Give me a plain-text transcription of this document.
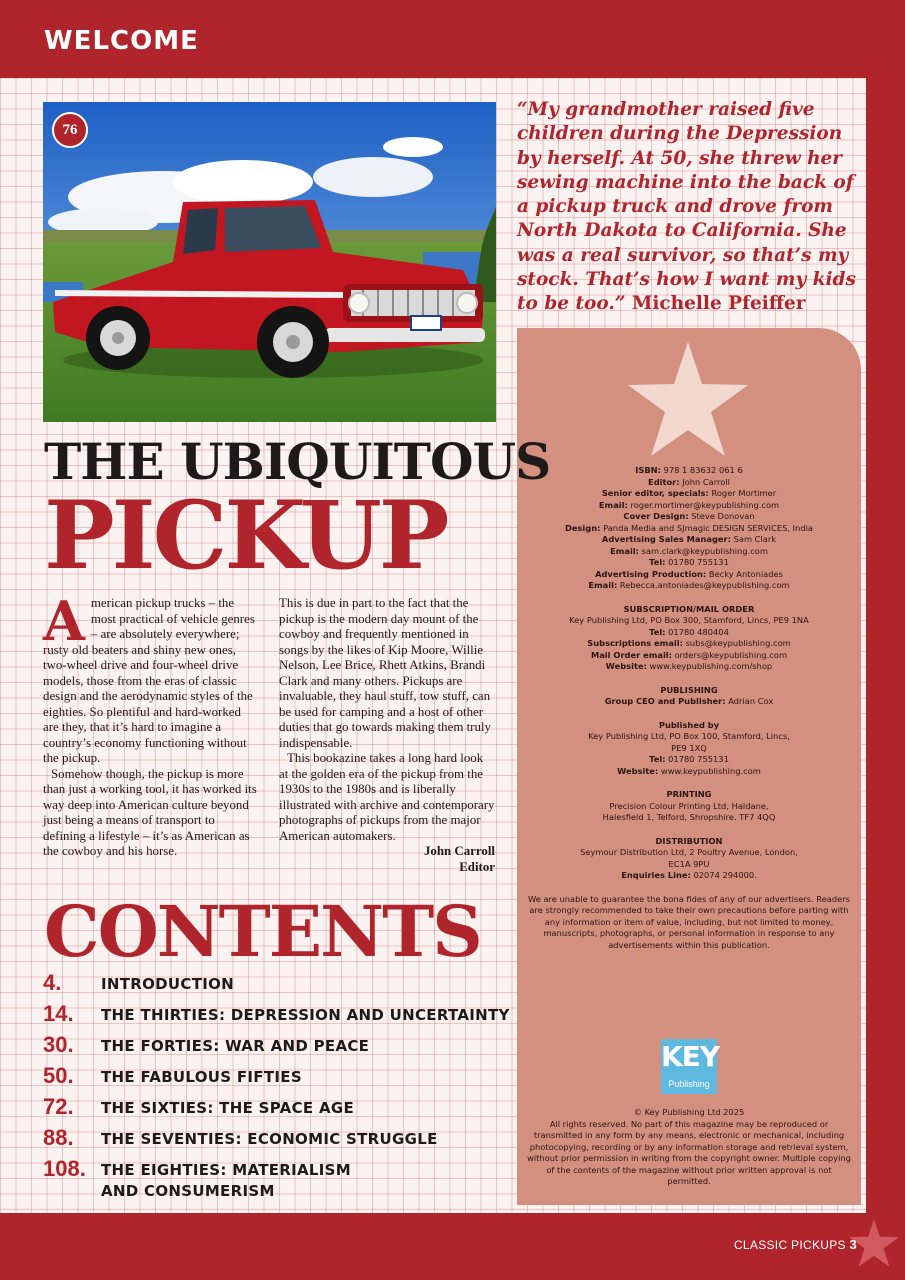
WELCOME
76
“My grandmother raised five children during the Depression by herself. At 50, she threw her sewing machine into the back of a pickup truck and drove from North Dakota to California. She was a real survivor, so that’s my stock. That’s how I want my kids to be too.” Michelle Pfeiffer

ISBN: 978 1 83632 061 6

Editor: John Carroll

Senior editor, specials: Roger Mortimer

Email: roger.mortimer@keypublishing.com

Cover Design: Steve Donovan

Design: Panda Media and SJmagic DESIGN SERVICES, India

Advertising Sales Manager: Sam Clark

Email: sam.clark@keypublishing.com

Tel: 01780 755131

Advertising Production: Becky Antoniades

Email: Rebecca.antoniades@keypublishing.com

SUBSCRIPTION/MAIL ORDER

Key Publishing Ltd, PO Box 300, Stamford, Lincs, PE9 1NA

Tel: 01780 480404

Subscriptions email: subs@keypublishing.com

Mail Order email: orders@keypublishing.com

Website: www.keypublishing.com/shop

PUBLISHING

Group CEO and Publisher: Adrian Cox

Published by

Key Publishing Ltd, PO Box 100, Stamford, Lincs,

PE9 1XQ

Tel: 01780 755131

Website: www.keypublishing.com

PRINTING

Precision Colour Printing Ltd, Haldane,

Halesfield 1, Telford, Shropshire. TF7 4QQ

DISTRIBUTION

Seymour Distribution Ltd, 2 Poultry Avenue, London,

EC1A 9PU

Enquiries Line: 02074 294000.

We are unable to guarantee the bona fides of any of our advertisers. Readers are strongly recommended to take their own precautions before parting with any information or item of value, including, but not limited to money, manuscripts, photographs, or personal information in response to any advertisements within this publication.

KEY
Publishing

© Key Publishing Ltd 2025

All rights reserved. No part of this magazine may be reproduced or transmitted in any form by any means, electronic or mechanical, including photocopying, recording or by any information storage and retrieval system, without prior permission in writing from the copyright owner. Multiple copying of the contents of the magazine without prior written approval is not permitted.

THE UBIQUITOUS
PICKUP

American pickup trucks – the most practical of vehicle genres – are absolutely everywhere; rusty old beaters and shiny new ones, two-wheel drive and four-wheel drive models, those from the eras of classic design and the aerodynamic styles of the eighties. So plentiful and hard-worked are they, that it’s hard to imagine a country’s economy functioning without the pickup.

Somehow though, the pickup is more than just a working tool, it has worked its way deep into American culture beyond just being a means of transport to defining a lifestyle – it’s as American as the cowboy and his horse.

This is due in part to the fact that the pickup is the modern day mount of the cowboy and frequently mentioned in songs by the likes of Kip Moore, Willie Nelson, Lee Brice, Rhett Atkins, Brandi Clark and many others. Pickups are invaluable, they haul stuff, tow stuff, can be used for camping and a host of other duties that go towards making them truly indispensable.

This bookazine takes a long hard look at the golden era of the pickup from the 1930s to the 1980s and is liberally illustrated with archive and contemporary photographs of pickups from the major American automakers.

John Carroll

Editor

CONTENTS
4.	INTRODUCTION
14. THE THIRTIES: DEPRESSION AND UNCERTAINTY
30. THE FORTIES: WAR AND PEACE
50. THE FABULOUS FIFTIES
72. THE SIXTIES: THE SPACE AGE
88. THE SEVENTIES: ECONOMIC STRUGGLE
108. THE EIGHTIES: MATERIALISM
AND CONSUMERISM
CLASSIC PICKUPS 3
